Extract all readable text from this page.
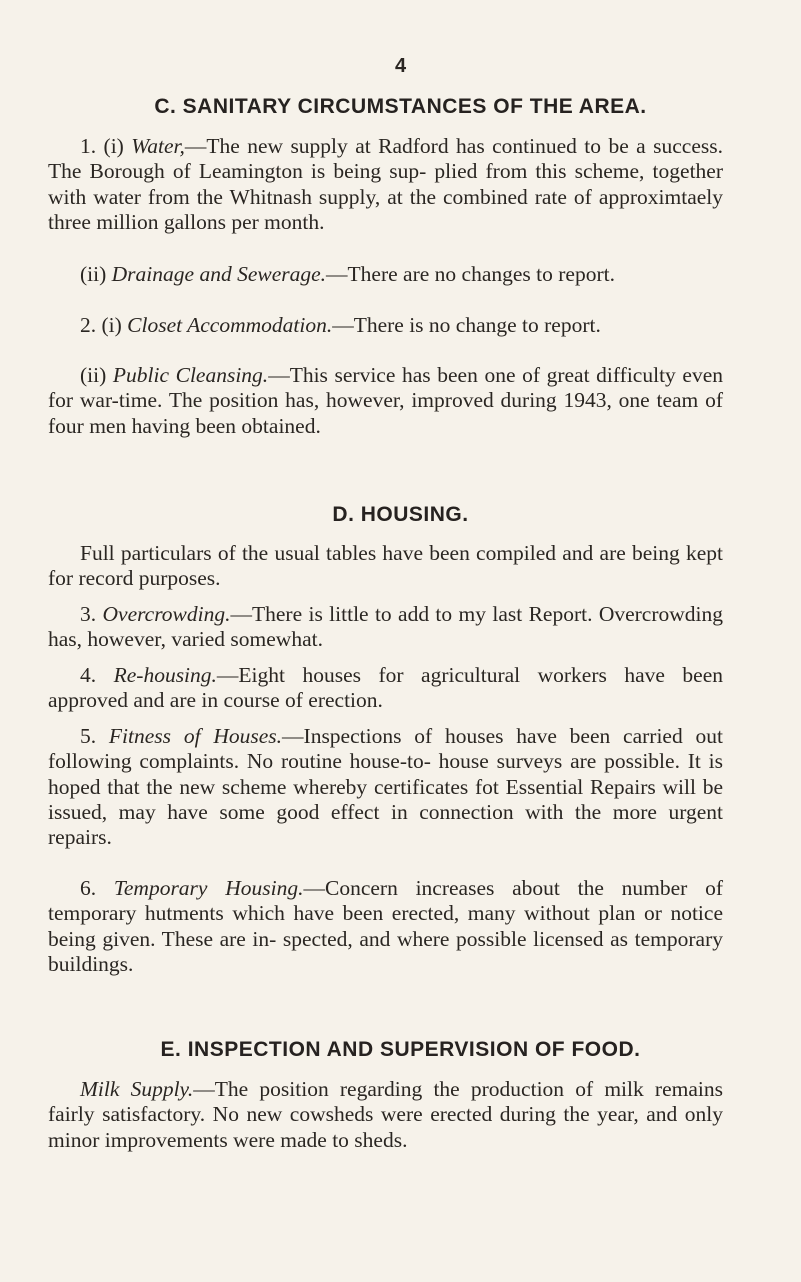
4
C. SANITARY CIRCUMSTANCES OF THE AREA.

1. (i) Water,—The new supply at Radford has continued to be a success. The Borough of Leamington is being sup- plied from this scheme, together with water from the Whitnash supply, at the combined rate of approximtaely three million gallons per month.

(ii) Drainage and Sewerage.—There are no changes to report.

2. (i) Closet Accommodation.—There is no change to report.

(ii) Public Cleansing.—This service has been one of great difficulty even for war-time. The position has, however, improved during 1943, one team of four men having been obtained.

D. HOUSING.

Full particulars of the usual tables have been compiled and are being kept for record purposes.

3. Overcrowding.—There is little to add to my last Report. Overcrowding has, however, varied somewhat.

4. Re-housing.—Eight houses for agricultural workers have been approved and are in course of erection.

5. Fitness of Houses.—Inspections of houses have been carried out following complaints. No routine house-to- house surveys are possible. It is hoped that the new scheme whereby certificates fot Essential Repairs will be issued, may have some good effect in connection with the more urgent repairs.

6. Temporary Housing.—Concern increases about the number of temporary hutments which have been erected, many without plan or notice being given. These are in- spected, and where possible licensed as temporary buildings.

E. INSPECTION AND SUPERVISION OF FOOD.

Milk Supply.—The position regarding the production of milk remains fairly satisfactory. No new cowsheds were erected during the year, and only minor improvements were made to sheds.
